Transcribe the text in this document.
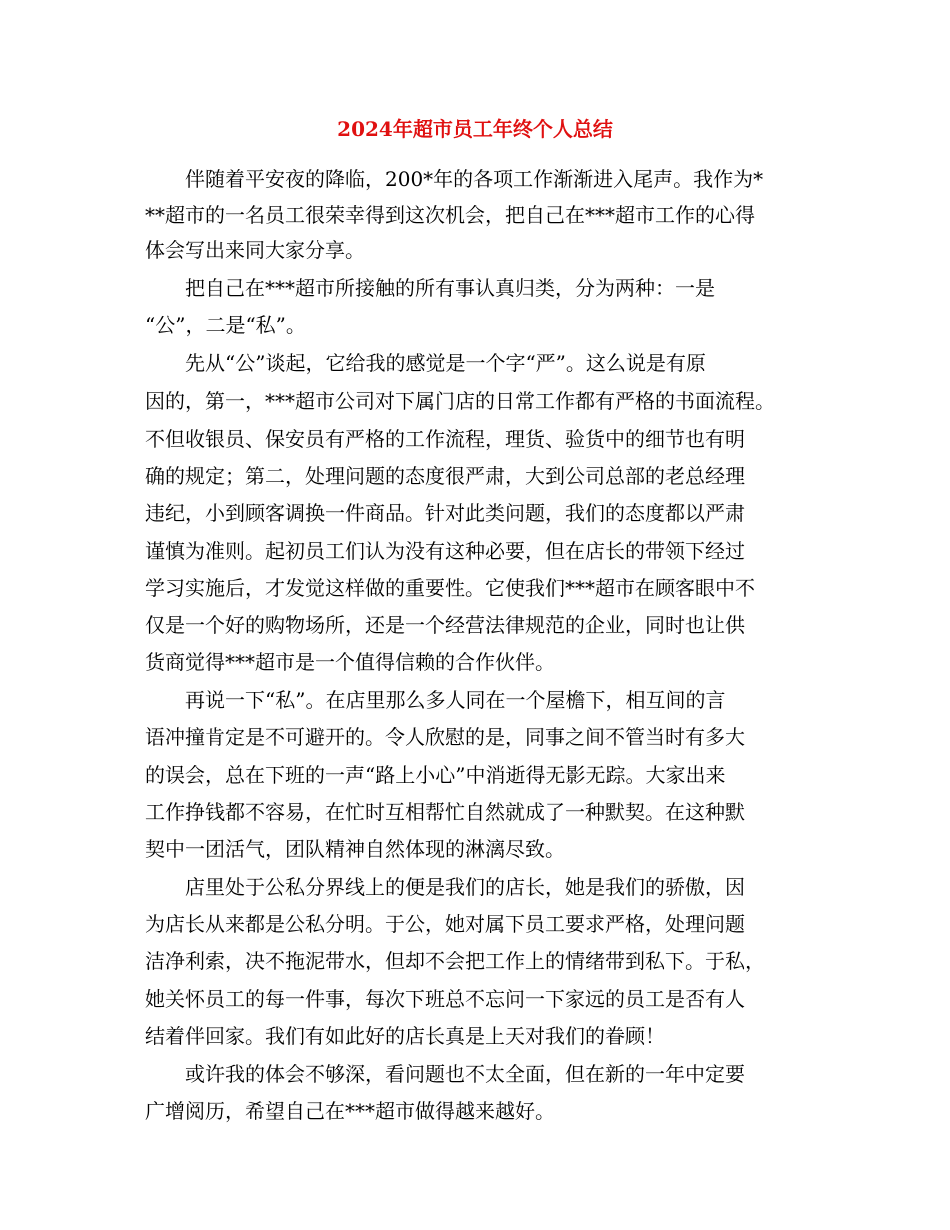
2024年超市员工年终个人总结

伴随着平安夜的降临，200*年的各项工作渐渐进入尾声。我作为*

**超市的一名员工很荣幸得到这次机会，把自己在***超市工作的心得

体会写出来同大家分享。

把自己在***超市所接触的所有事认真归类，分为两种：一是

“公”，二是“私”。

先从“公”谈起，它给我的感觉是一个字“严”。这么说是有原

因的，第一，***超市公司对下属门店的日常工作都有严格的书面流程。

不但收银员、保安员有严格的工作流程，理货、验货中的细节也有明

确的规定；第二，处理问题的态度很严肃，大到公司总部的老总经理

违纪，小到顾客调换一件商品。针对此类问题，我们的态度都以严肃

谨慎为准则。起初员工们认为没有这种必要，但在店长的带领下经过

学习实施后，才发觉这样做的重要性。它使我们***超市在顾客眼中不

仅是一个好的购物场所，还是一个经营法律规范的企业，同时也让供

货商觉得***超市是一个值得信赖的合作伙伴。

再说一下“私”。在店里那么多人同在一个屋檐下，相互间的言

语冲撞肯定是不可避开的。令人欣慰的是，同事之间不管当时有多大

的误会，总在下班的一声“路上小心”中消逝得无影无踪。大家出来

工作挣钱都不容易，在忙时互相帮忙自然就成了一种默契。在这种默

契中一团活气，团队精神自然体现的淋漓尽致。

店里处于公私分界线上的便是我们的店长，她是我们的骄傲，因

为店长从来都是公私分明。于公，她对属下员工要求严格，处理问题

洁净利索，决不拖泥带水，但却不会把工作上的情绪带到私下。于私，

她关怀员工的每一件事，每次下班总不忘问一下家远的员工是否有人

结着伴回家。我们有如此好的店长真是上天对我们的眷顾！

或许我的体会不够深，看问题也不太全面，但在新的一年中定要

广增阅历，希望自己在***超市做得越来越好。
